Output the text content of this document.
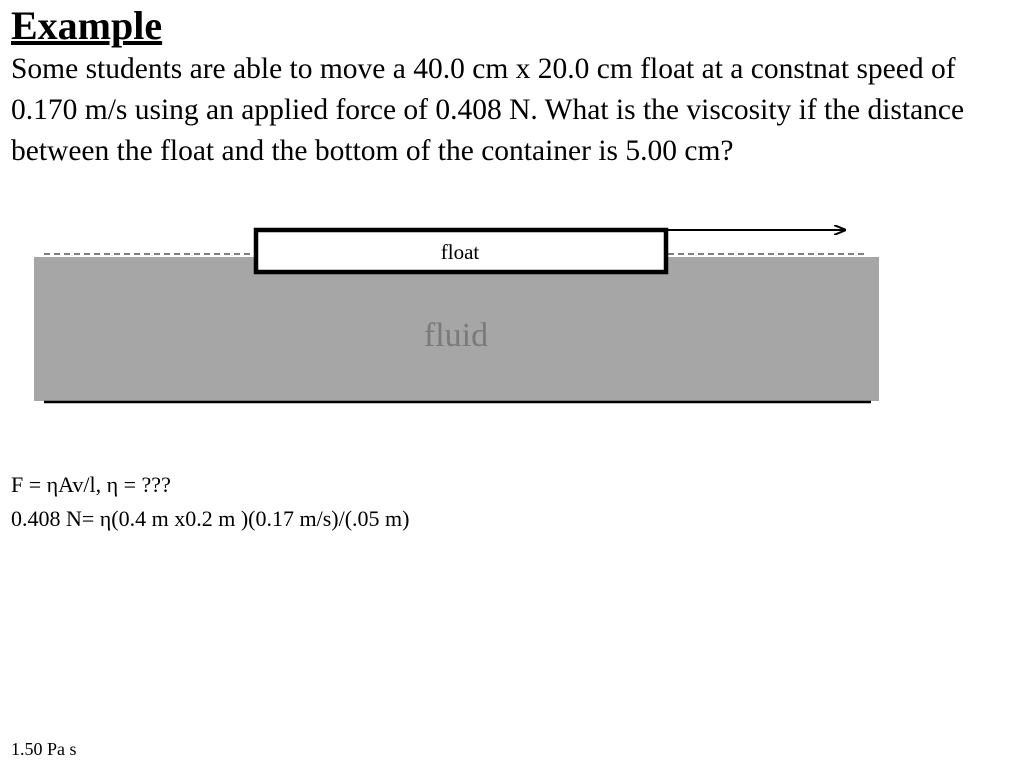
Example

Some students are able to move a 40.0 cm x 20.0 cm float at a constnat speed of 0.170 m/s using an applied force of 0.408 N. What is the viscosity if the distance between the float and the bottom of the container is 5.00 cm?

fluid
float

F = ηAv/l, η = ???

0.408 N= η(0.4 m x0.2 m )(0.17 m/s)/(.05 m)

1.50 Pa s
